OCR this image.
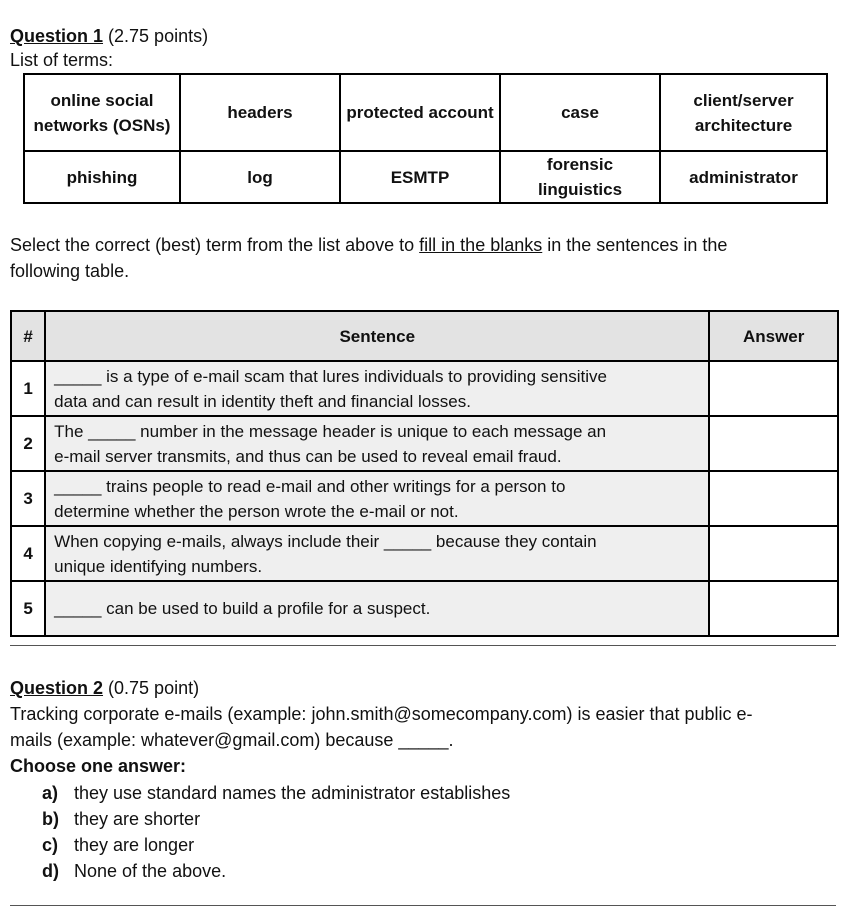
Question 1 (2.75 points)
List of terms:
online social networks (OSNs)	headers	protected account	case	client/server architecture
phishing	log	ESMTP	forensic linguistics	administrator
Select the correct (best) term from the list above to fill in the blanks in the sentences in the
following table.
#	Sentence	Answer
1	_____ is a type of e-mail scam that lures individuals to providing sensitive
data and can result in identity theft and financial losses.	

2	The _____ number in the message header is unique to each message an
e-mail server transmits, and thus can be used to reveal email fraud.	

3	_____ trains people to read e-mail and other writings for a person to
determine whether the person wrote the e-mail or not.	

4	When copying e-mails, always include their _____ because they contain
unique identifying numbers.	

5	_____ can be used to build a profile for a suspect.	

Question 2 (0.75 point)
Tracking corporate e-mails (example: john.smith@somecompany.com) is easier that public e-
mails (example: whatever@gmail.com) because _____.
Choose one answer:
a) they use standard names the administrator establishes
b) they are shorter
c) they are longer
d) None of the above.
